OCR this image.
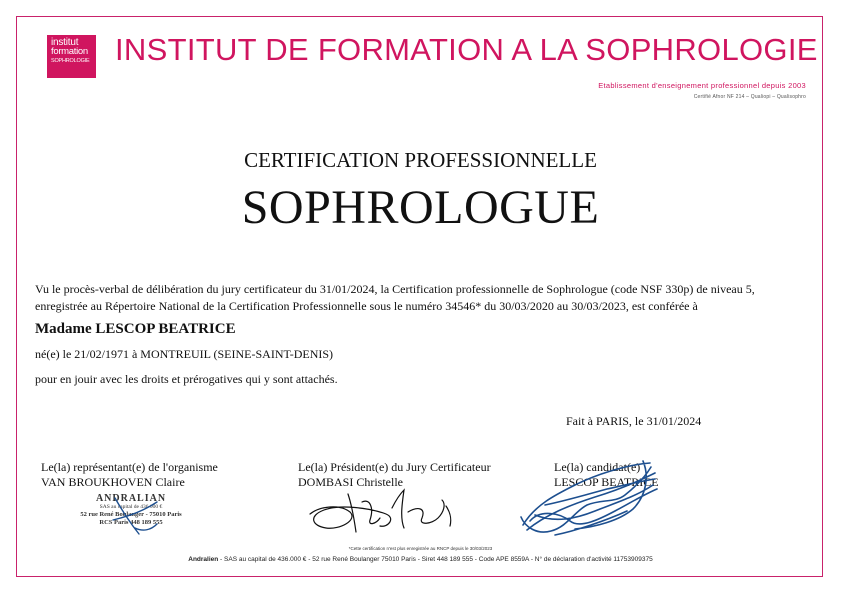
institut
formation
SOPHROLOGIE INSTITUT DE FORMATION A LA SOPHROLOGIE
Etablissement d'enseignement professionnel depuis 2003
Certifié Afnor NF 214 – Qualiopi – Qualisophro
CERTIFICATION PROFESSIONNELLE
SOPHROLOGUE
Vu le procès-verbal de délibération du jury certificateur du 31/01/2024, la Certification professionnelle de Sophrologue (code NSF 330p) de niveau 5,
enregistrée au Répertoire National de la Certification Professionnelle sous le numéro 34546* du 30/03/2020 au 30/03/2023, est conférée à
Madame LESCOP BEATRICE
né(e) le 21/02/1971 à MONTREUIL (SEINE-SAINT-DENIS)
pour en jouir avec les droits et prérogatives qui y sont attachés.
Fait à PARIS, le 31/01/2024
Le(la) représentant(e) de l'organisme
VAN BROUKHOVEN Claire
Le(la) Président(e) du Jury Certificateur
DOMBASI Christelle
Le(la) candidat(e)
LESCOP BEATRICE
ANDRALIAN
SAS au capital de 436 000 €
52 rue René Boulanger - 75010 Paris
RCS Paris 448 189 555
*Cette certification n'est plus enregistrée au RNCP depuis le 30/03/2023
Andralien - SAS au capital de 436.000 € - 52 rue René Boulanger 75010 Paris - Siret 448 189 555 - Code APE 8559A - N° de déclaration d'activité 11753909375
